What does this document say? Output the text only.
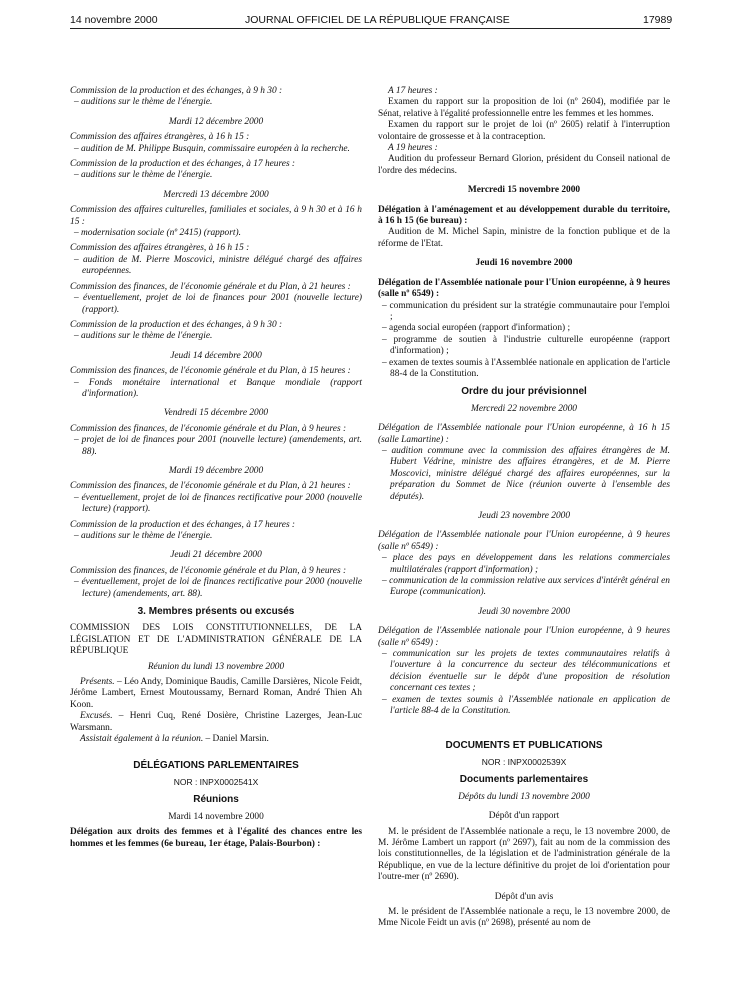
14 novembre 2000	JOURNAL OFFICIEL DE LA RÉPUBLIQUE FRANÇAISE	17989

Commission de la production et des échanges, à 9 h 30 :

– auditions sur le thème de l'énergie.

Mardi 12 décembre 2000

Commission des affaires étrangères, à 16 h 15 :

– audition de M. Philippe Busquin, commissaire européen à la recherche.

Commission de la production et des échanges, à 17 heures :

– auditions sur le thème de l'énergie.

Mercredi 13 décembre 2000

Commission des affaires culturelles, familiales et sociales, à 9 h 30 et à 16 h 15 :

– modernisation sociale (nº 2415) (rapport).

Commission des affaires étrangères, à 16 h 15 :

– audition de M. Pierre Moscovici, ministre délégué chargé des affaires européennes.

Commission des finances, de l'économie générale et du Plan, à 21 heures :

– éventuellement, projet de loi de finances pour 2001 (nouvelle lecture) (rapport).

Commission de la production et des échanges, à 9 h 30 :

– auditions sur le thème de l'énergie.

Jeudi 14 décembre 2000

Commission des finances, de l'économie générale et du Plan, à 15 heures :

– Fonds monétaire international et Banque mondiale (rapport d'information).

Vendredi 15 décembre 2000

Commission des finances, de l'économie générale et du Plan, à 9 heures :

– projet de loi de finances pour 2001 (nouvelle lecture) (amendements, art. 88).

Mardi 19 décembre 2000

Commission des finances, de l'économie générale et du Plan, à 21 heures :

– éventuellement, projet de loi de finances rectificative pour 2000 (nouvelle lecture) (rapport).

Commission de la production et des échanges, à 17 heures :

– auditions sur le thème de l'énergie.

Jeudi 21 décembre 2000

Commission des finances, de l'économie générale et du Plan, à 9 heures :

– éventuellement, projet de loi de finances rectificative pour 2000 (nouvelle lecture) (amendements, art. 88).

3. Membres présents ou excusés

COMMISSION DES LOIS CONSTITUTIONNELLES, DE LA LÉGISLATION ET DE L'ADMINISTRATION GÉNÉRALE DE LA RÉPUBLIQUE

Réunion du lundi 13 novembre 2000

Présents. – Léo Andy, Dominique Baudis, Camille Darsières, Nicole Feidt, Jérôme Lambert, Ernest Moutoussamy, Bernard Roman, André Thien Ah Koon.

Excusés. – Henri Cuq, René Dosière, Christine Lazerges, Jean-Luc Warsmann.

Assistait également à la réunion. – Daniel Marsin.

DÉLÉGATIONS PARLEMENTAIRES
NOR : INPX0002541X
Réunions

Mardi 14 novembre 2000

Délégation aux droits des femmes et à l'égalité des chances entre les hommes et les femmes (6e bureau, 1er étage, Palais-Bourbon) :

A 17 heures :

Examen du rapport sur la proposition de loi (nº 2604), modifiée par le Sénat, relative à l'égalité professionnelle entre les femmes et les hommes.

Examen du rapport sur le projet de loi (nº 2605) relatif à l'interruption volontaire de grossesse et à la contraception.

A 19 heures :

Audition du professeur Bernard Glorion, président du Conseil national de l'ordre des médecins.

Mercredi 15 novembre 2000

Délégation à l'aménagement et au développement durable du territoire, à 16 h 15 (6e bureau) :

Audition de M. Michel Sapin, ministre de la fonction publique et de la réforme de l'Etat.

Jeudi 16 novembre 2000

Délégation de l'Assemblée nationale pour l'Union européenne, à 9 heures (salle nº 6549) :

– communication du président sur la stratégie communautaire pour l'emploi ;

– agenda social européen (rapport d'information) ;

– programme de soutien à l'industrie culturelle européenne (rapport d'information) ;

– examen de textes soumis à l'Assemblée nationale en application de l'article 88-4 de la Constitution.

Ordre du jour prévisionnel

Mercredi 22 novembre 2000

Délégation de l'Assemblée nationale pour l'Union européenne, à 16 h 15 (salle Lamartine) :

– audition commune avec la commission des affaires étrangères de M. Hubert Védrine, ministre des affaires étrangères, et de M. Pierre Moscovici, ministre délégué chargé des affaires européennes, sur la préparation du Sommet de Nice (réunion ouverte à l'ensemble des députés).

Jeudi 23 novembre 2000

Délégation de l'Assemblée nationale pour l'Union européenne, à 9 heures (salle nº 6549) :

– place des pays en développement dans les relations commerciales multilatérales (rapport d'information) ;

– communication de la commission relative aux services d'intérêt général en Europe (communication).

Jeudi 30 novembre 2000

Délégation de l'Assemblée nationale pour l'Union européenne, à 9 heures (salle nº 6549) :

– communication sur les projets de textes communautaires relatifs à l'ouverture à la concurrence du secteur des télécommunications et décision éventuelle sur le dépôt d'une proposition de résolution concernant ces textes ;

– examen de textes soumis à l'Assemblée nationale en application de l'article 88-4 de la Constitution.

DOCUMENTS ET PUBLICATIONS
NOR : INPX0002539X
Documents parlementaires

Dépôts du lundi 13 novembre 2000

Dépôt d'un rapport

M. le président de l'Assemblée nationale a reçu, le 13 novembre 2000, de M. Jérôme Lambert un rapport (nº 2697), fait au nom de la commission des lois constitutionnelles, de la législation et de l'administration générale de la République, en vue de la lecture définitive du projet de loi d'orientation pour l'outre-mer (nº 2690).

Dépôt d'un avis

M. le président de l'Assemblée nationale a reçu, le 13 novembre 2000, de Mme Nicole Feidt un avis (nº 2698), présenté au nom de
